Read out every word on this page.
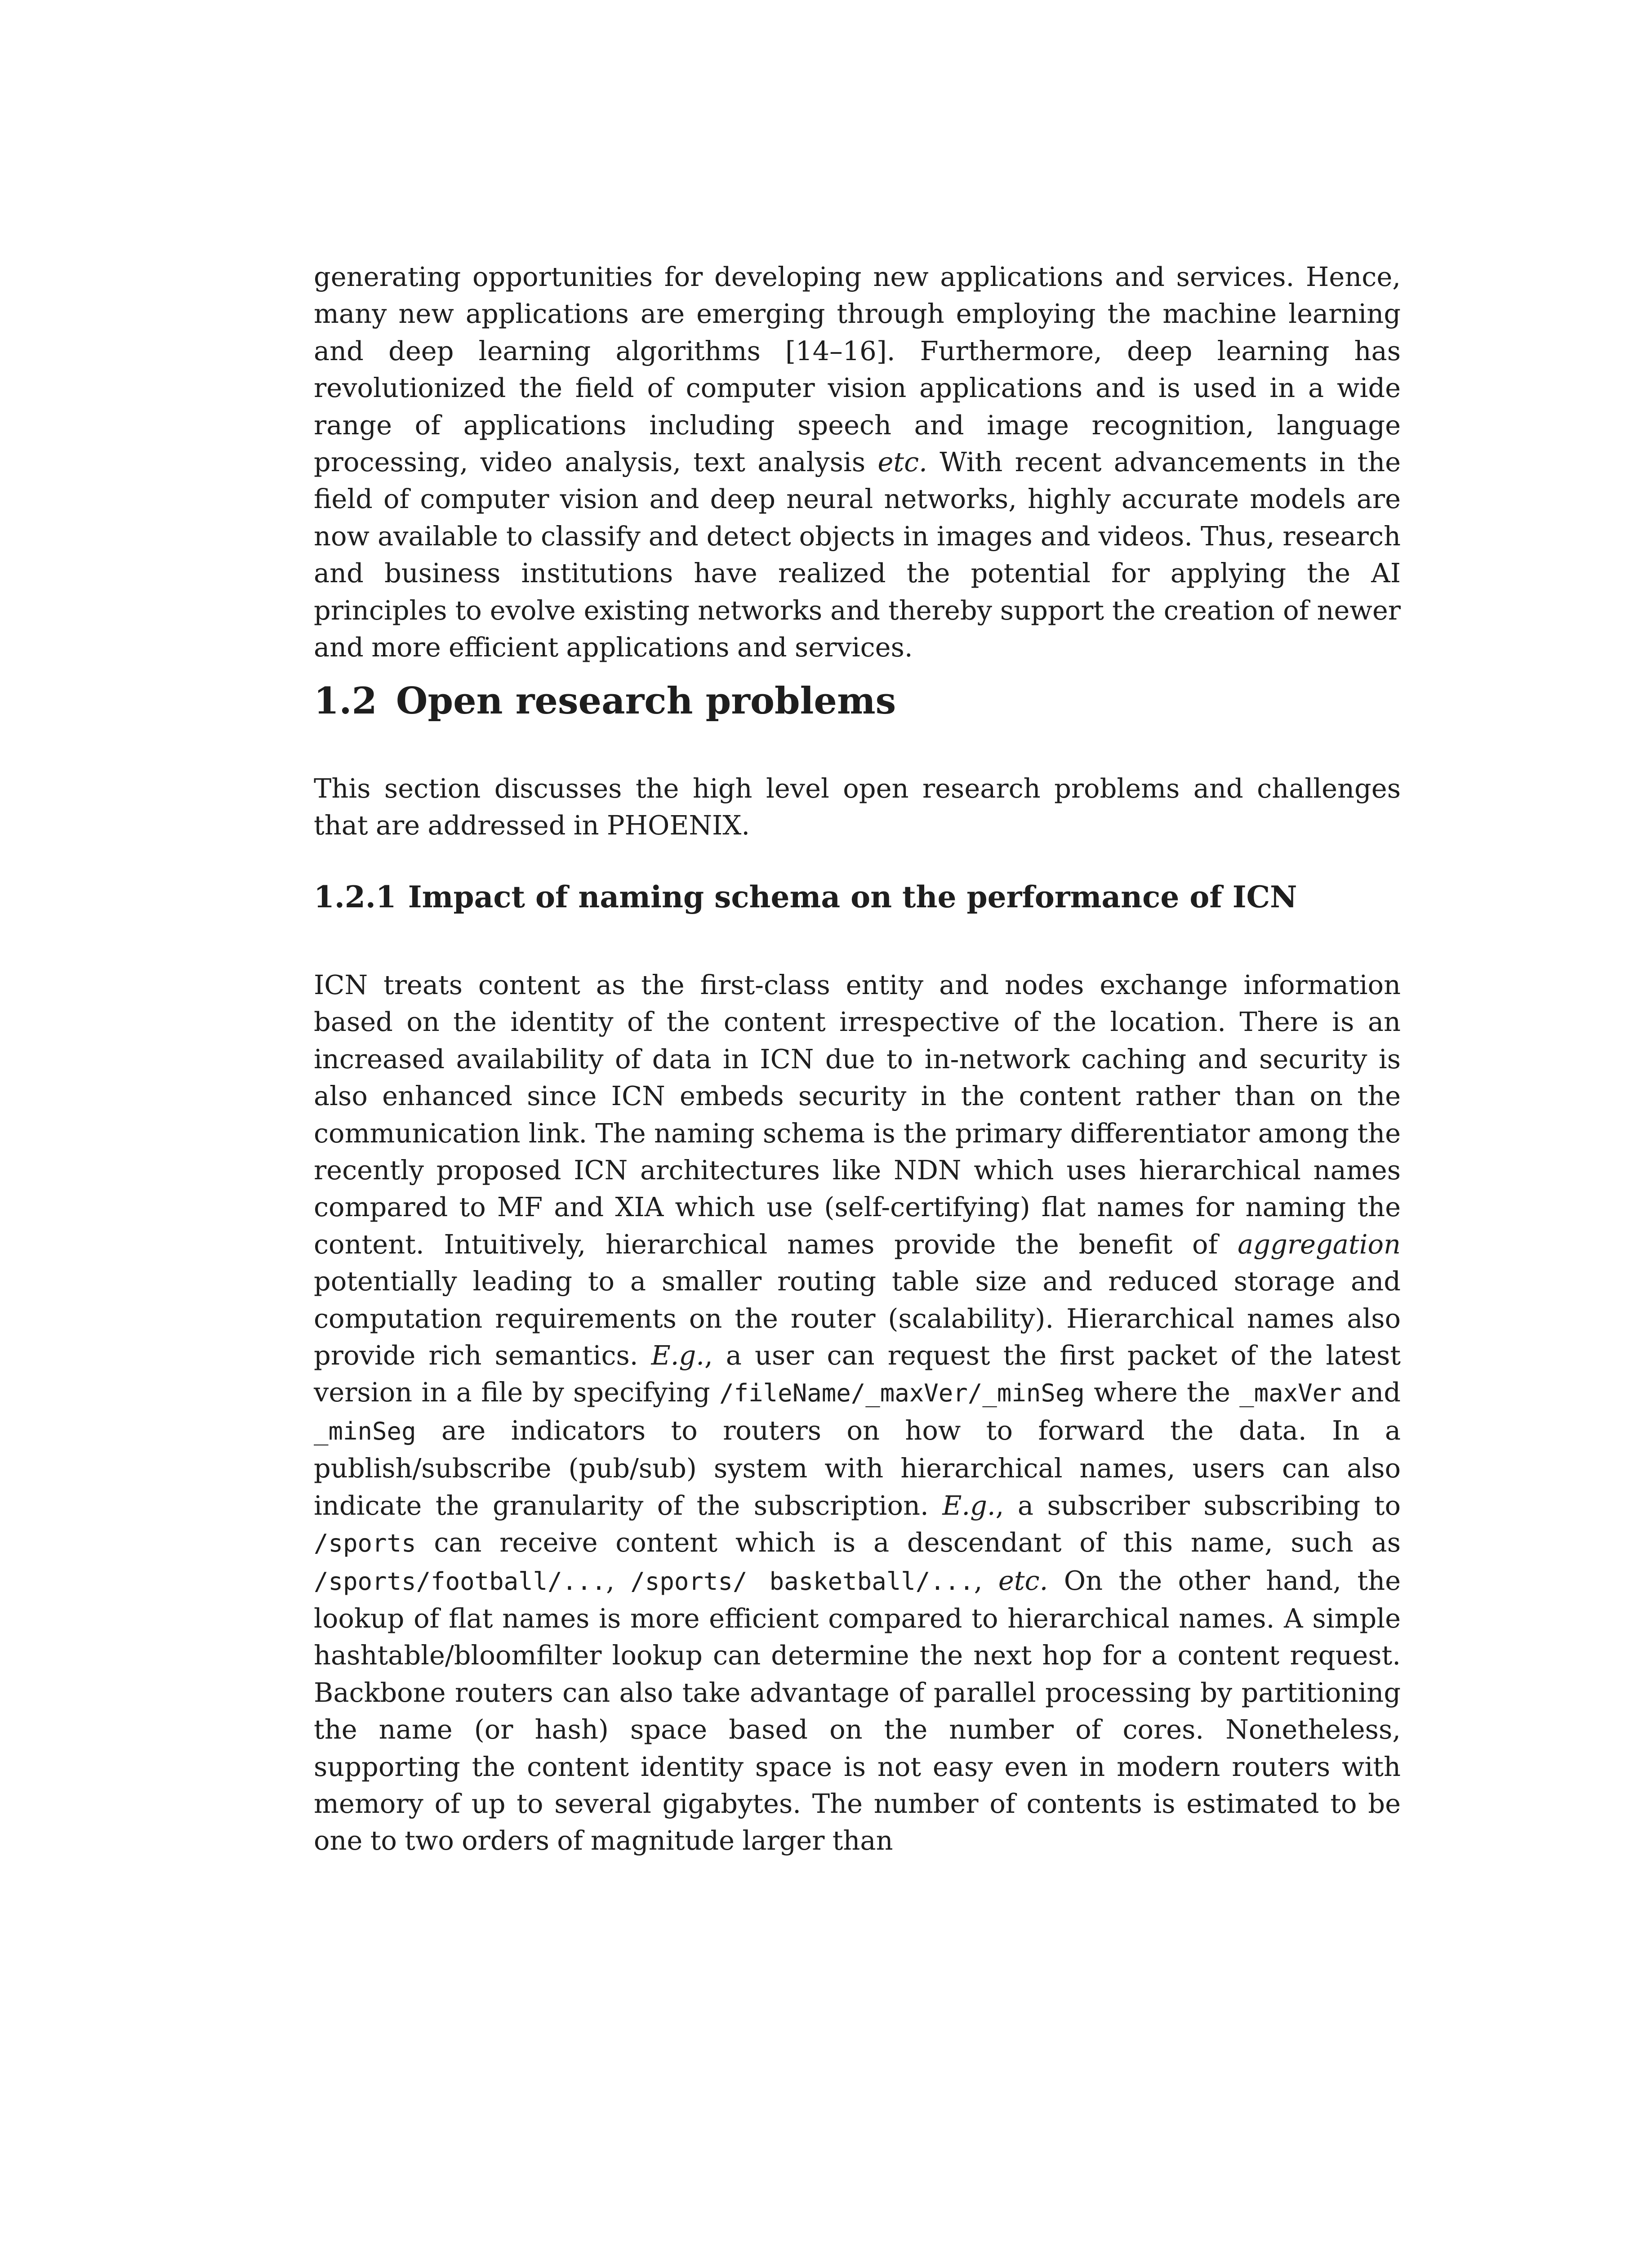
generating opportunities for developing new applications and services. Hence, many new applications are emerging through employing the machine learning and deep learning algorithms [14–16]. Furthermore, deep learning has revolutionized the field of computer vision applications and is used in a wide range of applications including speech and image recognition, language processing, video analysis, text analysis etc. With recent advancements in the field of computer vision and deep neural networks, highly accurate models are now available to classify and detect objects in images and videos. Thus, research and business institutions have realized the potential for applying the AI principles to evolve existing networks and thereby support the creation of newer and more efficient applications and services.

1.2 Open research problems

This section discusses the high level open research problems and challenges that are addressed in PHOENIX.

1.2.1 Impact of naming schema on the performance of ICN

ICN treats content as the first-class entity and nodes exchange information based on the identity of the content irrespective of the location. There is an increased availability of data in ICN due to in-network caching and security is also enhanced since ICN embeds security in the content rather than on the communication link. The naming schema is the primary differentiator among the recently proposed ICN architectures like NDN which uses hierarchical names compared to MF and XIA which use (self-certifying) flat names for naming the content. Intuitively, hierarchical names provide the benefit of aggregation potentially leading to a smaller routing table size and reduced storage and computation requirements on the router (scalability). Hierarchical names also provide rich semantics. E.g., a user can request the first packet of the latest version in a file by specifying /fileName/_maxVer/_minSeg where the _maxVer and _minSeg are indicators to routers on how to forward the data. In a publish/subscribe (pub/sub) system with hierarchical names, users can also indicate the granularity of the subscription. E.g., a subscriber subscribing to /sports can receive content which is a descendant of this name, such as /sports/football/..., /sports/ basketball/..., etc. On the other hand, the lookup of flat names is more efficient compared to hierarchical names. A simple hashtable/bloomfilter lookup can determine the next hop for a content request. Backbone routers can also take advantage of parallel processing by partitioning the name (or hash) space based on the number of cores. Nonetheless, supporting the content identity space is not easy even in modern routers with memory of up to several gigabytes. The number of contents is estimated to be one to two orders of magnitude larger than
